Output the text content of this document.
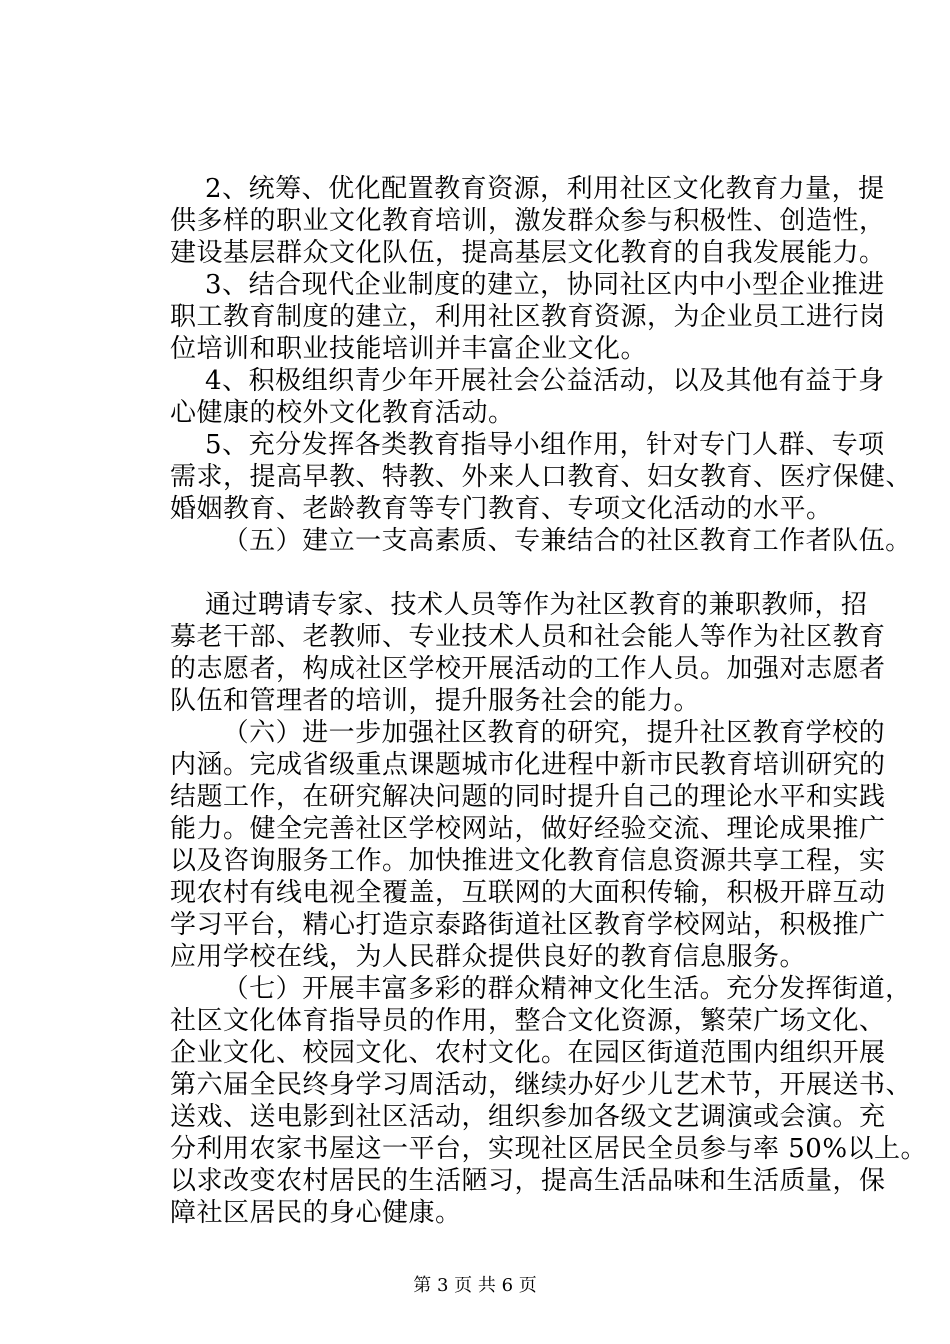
2、统筹、优化配置教育资源，利用社区文化教育力量，提
供多样的职业文化教育培训，激发群众参与积极性、创造性，
建设基层群众文化队伍，提高基层文化教育的自我发展能力。
3、结合现代企业制度的建立，协同社区内中小型企业推进
职工教育制度的建立，利用社区教育资源，为企业员工进行岗
位培训和职业技能培训并丰富企业文化。
4、积极组织青少年开展社会公益活动，以及其他有益于身
心健康的校外文化教育活动。
5、充分发挥各类教育指导小组作用，针对专门人群、专项
需求，提高早教、特教、外来人口教育、妇女教育、医疗保健、
婚姻教育、老龄教育等专门教育、专项文化活动的水平。
（五）建立一支高素质、专兼结合的社区教育工作者队伍。
通过聘请专家、技术人员等作为社区教育的兼职教师，招
募老干部、老教师、专业技术人员和社会能人等作为社区教育
的志愿者，构成社区学校开展活动的工作人员。加强对志愿者
队伍和管理者的培训，提升服务社会的能力。
（六）进一步加强社区教育的研究，提升社区教育学校的
内涵。完成省级重点课题城市化进程中新市民教育培训研究的
结题工作，在研究解决问题的同时提升自己的理论水平和实践
能力。健全完善社区学校网站，做好经验交流、理论成果推广
以及咨询服务工作。加快推进文化教育信息资源共享工程，实
现农村有线电视全覆盖，互联网的大面积传输，积极开辟互动
学习平台，精心打造京泰路街道社区教育学校网站，积极推广
应用学校在线，为人民群众提供良好的教育信息服务。
（七）开展丰富多彩的群众精神文化生活。充分发挥街道，
社区文化体育指导员的作用，整合文化资源，繁荣广场文化、
企业文化、校园文化、农村文化。在园区街道范围内组织开展
第六届全民终身学习周活动，继续办好少儿艺术节，开展送书、
送戏、送电影到社区活动，组织参加各级文艺调演或会演。充
分利用农家书屋这一平台，实现社区居民全员参与率 50%以上。
以求改变农村居民的生活陋习，提高生活品味和生活质量，保
障社区居民的身心健康。
第 3 页 共 6 页
